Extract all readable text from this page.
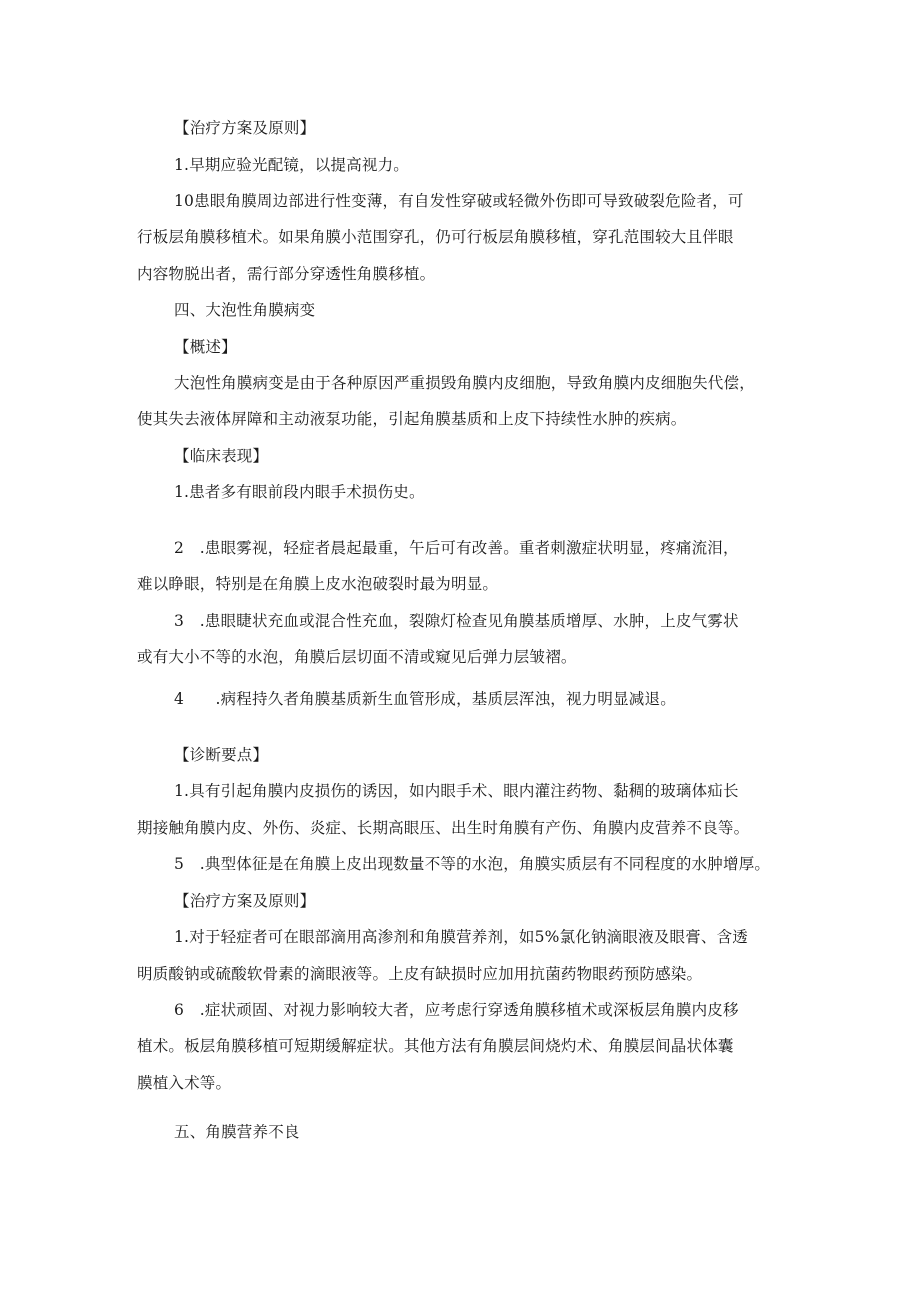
【治疗方案及原则】
1.早期应验光配镜，以提高视力。
10患眼角膜周边部进行性变薄，有自发性穿破或轻微外伤即可导致破裂危险者，可
行板层角膜移植术。如果角膜小范围穿孔，仍可行板层角膜移植，穿孔范围较大且伴眼
内容物脱出者，需行部分穿透性角膜移植。
四、大泡性角膜病变
【概述】
大泡性角膜病变是由于各种原因严重损毁角膜内皮细胞，导致角膜内皮细胞失代偿，
使其失去液体屏障和主动液泵功能，引起角膜基质和上皮下持续性水肿的疾病。
【临床表现】
1.患者多有眼前段内眼手术损伤史。
2　.患眼雾视，轻症者晨起最重，午后可有改善。重者刺激症状明显，疼痛流泪，
难以睁眼，特别是在角膜上皮水泡破裂时最为明显。
3　.患眼睫状充血或混合性充血，裂隙灯检查见角膜基质增厚、水肿，上皮气雾状
或有大小不等的水泡，角膜后层切面不清或窥见后弹力层皱褶。
4　　.病程持久者角膜基质新生血管形成，基质层浑浊，视力明显减退。
【诊断要点】
1.具有引起角膜内皮损伤的诱因，如内眼手术、眼内灌注药物、黏稠的玻璃体疝长
期接触角膜内皮、外伤、炎症、长期高眼压、出生时角膜有产伤、角膜内皮营养不良等。
5　.典型体征是在角膜上皮出现数量不等的水泡，角膜实质层有不同程度的水肿增厚。
【治疗方案及原则】
1.对于轻症者可在眼部滴用高渗剂和角膜营养剂，如5%氯化钠滴眼液及眼膏、含透
明质酸钠或硫酸软骨素的滴眼液等。上皮有缺损时应加用抗菌药物眼药预防感染。
6　.症状顽固、对视力影响较大者，应考虑行穿透角膜移植术或深板层角膜内皮移
植术。板层角膜移植可短期缓解症状。其他方法有角膜层间烧灼术、角膜层间晶状体囊
膜植入术等。
五、角膜营养不良
